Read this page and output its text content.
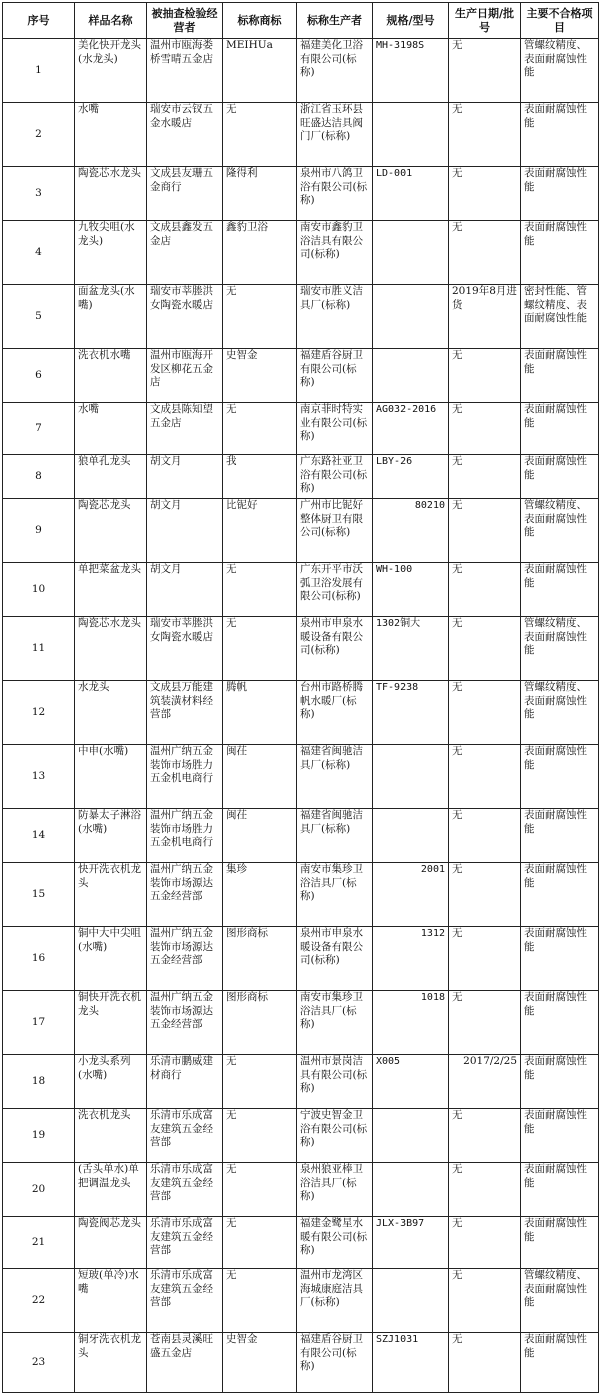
序号	样品名称	被抽查检验经营者	标称商标	标称生产者	规格/型号	生产日期/批号	主要不合格项目
1	美化快开龙头(水龙头)	温州市瓯海娄桥雪晴五金店	MEIHUa	福建美化卫浴有限公司(标称)	MH-3198S	无	管螺纹精度、表面耐腐蚀性能
2	水嘴	瑞安市云钗五金水暖店	无	浙江省玉环县旺盛达洁具阀门厂(标称)		无	表面耐腐蚀性能
3	陶瓷芯水龙头	文成县友珊五金商行	隆得利	泉州市八鸽卫浴有限公司(标称)	LD-001	无	表面耐腐蚀性能
4	九牧尖咀(水龙头)	文成县鑫发五金店	鑫豹卫浴	南安市鑫豹卫浴洁具有限公司(标称)		无	表面耐腐蚀性能
5	面盆龙头(水嘴)	瑞安市莘塍洪女陶瓷水暖店	无	瑞安市胜义洁具厂(标称)		2019年8月进货	密封性能、管螺纹精度、表面耐腐蚀性能
6	洗衣机水嘴	温州市瓯海开发区柳花五金店	史智金	福建盾谷厨卫有限公司(标称)		无	表面耐腐蚀性能
7	水嘴	文成县陈知望五金店	无	南京菲时特实业有限公司(标称)	AG032-2016	无	表面耐腐蚀性能
8	狼单孔龙头	胡文月	我	广东路社亚卫浴有限公司(标称)	LBY-26	无	表面耐腐蚀性能
9	陶瓷芯龙头	胡文月	比铌好	广州市比铌好整体厨卫有限公司(标称)	80210	无	管螺纹精度、表面耐腐蚀性能
10	单把菜盆龙头	胡文月	无	广东开平市沃弧卫浴发展有限公司(标称)	WH-100	无	表面耐腐蚀性能
11	陶瓷芯水龙头	瑞安市莘塍洪女陶瓷水暖店	无	泉州市申泉水暖设备有限公司(标称)	1302铜大	无	管螺纹精度、表面耐腐蚀性能
12	水龙头	文成县万能建筑装潢材料经营部	腾帆	台州市路桥腾帆水暖厂(标称)	TF-9238	无	管螺纹精度、表面耐腐蚀性能
13	中申(水嘴)	温州广纳五金装饰市场胜力五金机电商行	闽茌	福建省闽驰洁具厂(标称)		无	表面耐腐蚀性能
14	防暴太子淋浴(水嘴)	温州广纳五金装饰市场胜力五金机电商行	闽茌	福建省闽驰洁具厂(标称)		无	表面耐腐蚀性能
15	快开洗衣机龙头	温州广纳五金装饰市场源达五金经营部	集珍	南安市集珍卫浴洁具厂(标称)	2001	无	表面耐腐蚀性能
16	铜中大中尖咀(水嘴)	温州广纳五金装饰市场源达五金经营部	图形商标	泉州市申泉水暖设备有限公司(标称)	1312	无	表面耐腐蚀性能
17	铜快开洗衣机龙头	温州广纳五金装饰市场源达五金经营部	图形商标	南安市集珍卫浴洁具厂(标称)	1018	无	表面耐腐蚀性能
18	小龙头系列(水嘴)	乐清市鹏威建材商行	无	温州市景岗洁具有限公司(标称)	X005	2017/2/25	表面耐腐蚀性能
19	洗衣机龙头	乐清市乐成富友建筑五金经营部	无	宁波史智金卫浴有限公司(标称)		无	表面耐腐蚀性能
20	(舌头单水)单把调温龙头	乐清市乐成富友建筑五金经营部	无	泉州狼亚棒卫浴洁具厂(标称)		无	表面耐腐蚀性能
21	陶瓷阀芯龙头	乐清市乐成富友建筑五金经营部	无	福建金鹭星水暖有限公司(标称)	JLX-3B97	无	表面耐腐蚀性能
22	短玻(单冷)水嘴	乐清市乐成富友建筑五金经营部	无	温州市龙湾区海城康庭洁具厂(标称)		无	管螺纹精度、表面耐腐蚀性能
23	铜牙洗衣机龙头	苍南县灵溪旺盛五金店	史智金	福建盾谷厨卫有限公司(标称)	SZJ1031	无	表面耐腐蚀性能
